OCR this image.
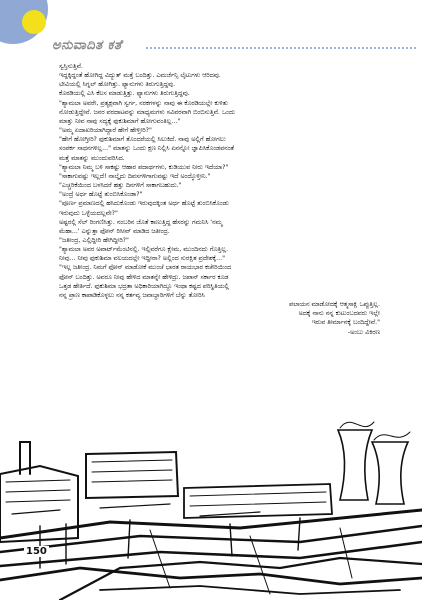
ಅನುವಾದಿತ ಕತೆ

ಸ್ವಸ್ತಿಸುತ್ತಿವೆ.

ಇದ್ದಕ್ಕಿದ್ದಂತೆ ಹೋಗಿದ್ದ ವಿದ್ಯುತ್ ಮತ್ತೆ ಬಂದಿತ್ತು. ಎಮರ್ಜೆನ್ಸಿ ಲೈಟುಗಳು ಆರಿದವು.

ಟೀವಿಯಲ್ಲಿ ಸಿಗ್ನಲ್ ಹೋಗಿತ್ತು. ಫ್ಯಾನುಗಳು ತಿರುಗುತ್ತಿದ್ದವು.

ಕೊಠಡಿಯಲ್ಲಿ ಎಸಿ ಕೆಲಸ ಮಾಡುತ್ತಿತ್ತು. ಫ್ಯಾನುಗಳು ತಿರುಗುತ್ತಿದ್ದವು.

"ಶ್ಯಾಮಲಾ ಅವರೇ, ಪ್ರತ್ಯಕ್ಷವಾಗಿ ಸ್ವರ್ಗ, ನರಕಗಳನ್ನು ನಾವು ಈ ಕೊಠಡಿಯಲ್ಲೇ ಕುಳಿತು

ನೋಡುತ್ತಿದ್ದೇವೆ. ಜನರ ಪರದಾಟವನ್ನು ಮಾಧ್ಯಮಗಳು ಸವಿವರವಾಗಿ ಬಿಂಬಿಸುತ್ತಿವೆ. ಒಂದು

ಮಾತ್ತು ನೀವ ನಾವು ಸದ್ಯಕ್ಕೆ ಫುಕುಶಿಮಾಗೆ ಹೋಗುವಂತಿಲ್ಲ..."

"ಅಮ್ಮ ಏದಾಖರಿಯಾಗಿದ್ದಾರೆ ಹೇಗೆ ಹೇಳ್ತೀರಿ?"

"ಹೇಗೆ ಹೋಗ್ತೀರಿ? ಫುಕುಶಿಮಾಗೆ ತೊಂದರೆಯಲ್ಲಿ ಸಿಲುಕಿದೆ. ನಾವು ಅಲ್ಲಿಗೆ ಹೋಗಲು

ಸಂಪರ್ಕ ಸಾಧನಗಳಿಲ್ಲ..." ಮಾತನ್ನು ಒಂದು ಕ್ಷಣ ನಿಲ್ಲಿಸಿ ಏನನ್ನೋ ಜ್ಞಾಪಿಸಿಕೊಂಡವನಂತೆ

ಮತ್ತೆ ಮಾತನ್ನು ಮುಂದುವರಿಸಿದ.

"ಶ್ಯಾಮಲಾ ನಿಮ್ಮ ಬಳಿ ಸಾಕಷ್ಟು ಆಹಾರ ಪದಾರ್ಥಗಳು, ಕುಡಿಯುವ ನೀರು ಇದೆಯಾ?"

"ಸಾಕಾಗುವಷ್ಟು ಇಲ್ಲದೆ! ನಾಲ್ಕೈದು ದಿವಸಗಳಿಗಾಗುವಷ್ಟು ಇದೆ ಅಂದ್ಕೊಳ್ತೀನಿ."

"ಎಚ್ಚರಿಕೆಯಿಂದ ಬಳಸಿದರೆ ಹತ್ತು ದಿನಗಳಿಗೆ ಸಾಕಾಗಬಹುದು."

"ಅಂದ್ರೆ ಅರ್ಧ ಹೊಟ್ಟೆ ತುಂಬಿಸಿಕೊಂಡಾ?"

"ಪೂರ್ಣ ಪ್ರಮಾಣದಲ್ಲಿ ಹಸಿದುಕೊಂಡು ಇರುವುದಕ್ಕಿಂತ ಅರ್ಧ ಹೊಟ್ಟೆ ತುಂಬಿಸಿಕೊಂಡು

ಇರುವುದು ಒಳ್ಳೆಯದಲ್ಲವೇ?"

ಅಷ್ಟರಲ್ಲಿ ಸೆಲ್ ರಿಂಗಣಿಸಿತ್ತು. ನಂಬರಿನ ಜೊತೆ ಕಾಣುತ್ತಿದ್ದ ಹೆಸರನ್ನು ಗಮನಿಸಿ 'ನಮ್ಮ

ಮೆಹಾ...' ಎನ್ನುತ್ತಾ ಫೋನ್ ರಿಸೀವ್ ಮಾಡಿದ ಜತೀಂದ್ರ.

"ಜತೀಂದ್ರ, ಎಲ್ಲಿದ್ದೀರಿ ಹೇಗಿದ್ದೀರಿ?"

"ಶ್ಯಾಮಲಾ ಅವರ ಅಪಾರ್ಟ್‌ಮೆಂಟಿನಲ್ಲಿ. ಇಲ್ಲಿವರೆಗೂ ಕ್ಷೇಮ, ಮುಂದಿನದು ಗೊತ್ತಿಲ್ಲ.

ನೀವು... ನೀವು ಫುಕುಶಿಮಾ ವಲಯದಲ್ಲೇ ಇದ್ದೀರಾ? ಅಲ್ಲಿಂದ ಸುರಕ್ಷಿತ ಪ್ರದೇಶಕ್ಕೆ..."

"ಇಲ್ಲ ಜತೀಂದ್ರ. ನಿಮಗೆ ಫೋನ್ ಮಾಡೋಕೆ ಮುಂಚೆ ಭಾರತ ರಾಯಭಾರ ಕಚೇರಿಯಿಂದ

ಫೋನ್ ಬಂದಿತ್ತು. ಅವರೂ ನೀವು ಹೇಳಿದ ಮಾತನ್ನೇ ಹೇಳಿದ್ರು. ಜಪಾನ್ ಸರ್ಕಾರ ಕೂಡ

ಒತ್ತಡ ಹೇರ್ತಿದೆ. ಫುಕುಶಿಮಾ ಭದ್ರತಾ ಅಧಿಕಾರಿಯಾಗಿದ್ದೂ ಇಂಥಾ ಕಷ್ಟದ ಪರಿಸ್ಥಿತಿಯಲ್ಲಿ

ನನ್ನ ಪ್ರಾಣ ಕಾಪಾಡಿಕೊಳ್ಳಲು ನನ್ನ ಕರ್ತವ್ಯ ಜವಾಬ್ದಾರಿಗಳಿಗೆ ಬೆನ್ನು ತೋರಿಸಿ

ಪಲಾಯನ ಮಾಡೋದಕ್ಕೆ ಆತ್ಮಸಾಕ್ಷಿ ಒಪ್ಪುತ್ತಿಲ್ಲ.

ಅದಕ್ಕೆ ನಾನು ನನ್ನ ಕುಟುಂಬದವರು ಇಲ್ಲೇ

ಇರುವ ತೀರ್ಮಾನಕ್ಕೆ ಬಂದಿದ್ದೇವೆ."

-ಅಂಬು ವಿಕಿರಣ

150
